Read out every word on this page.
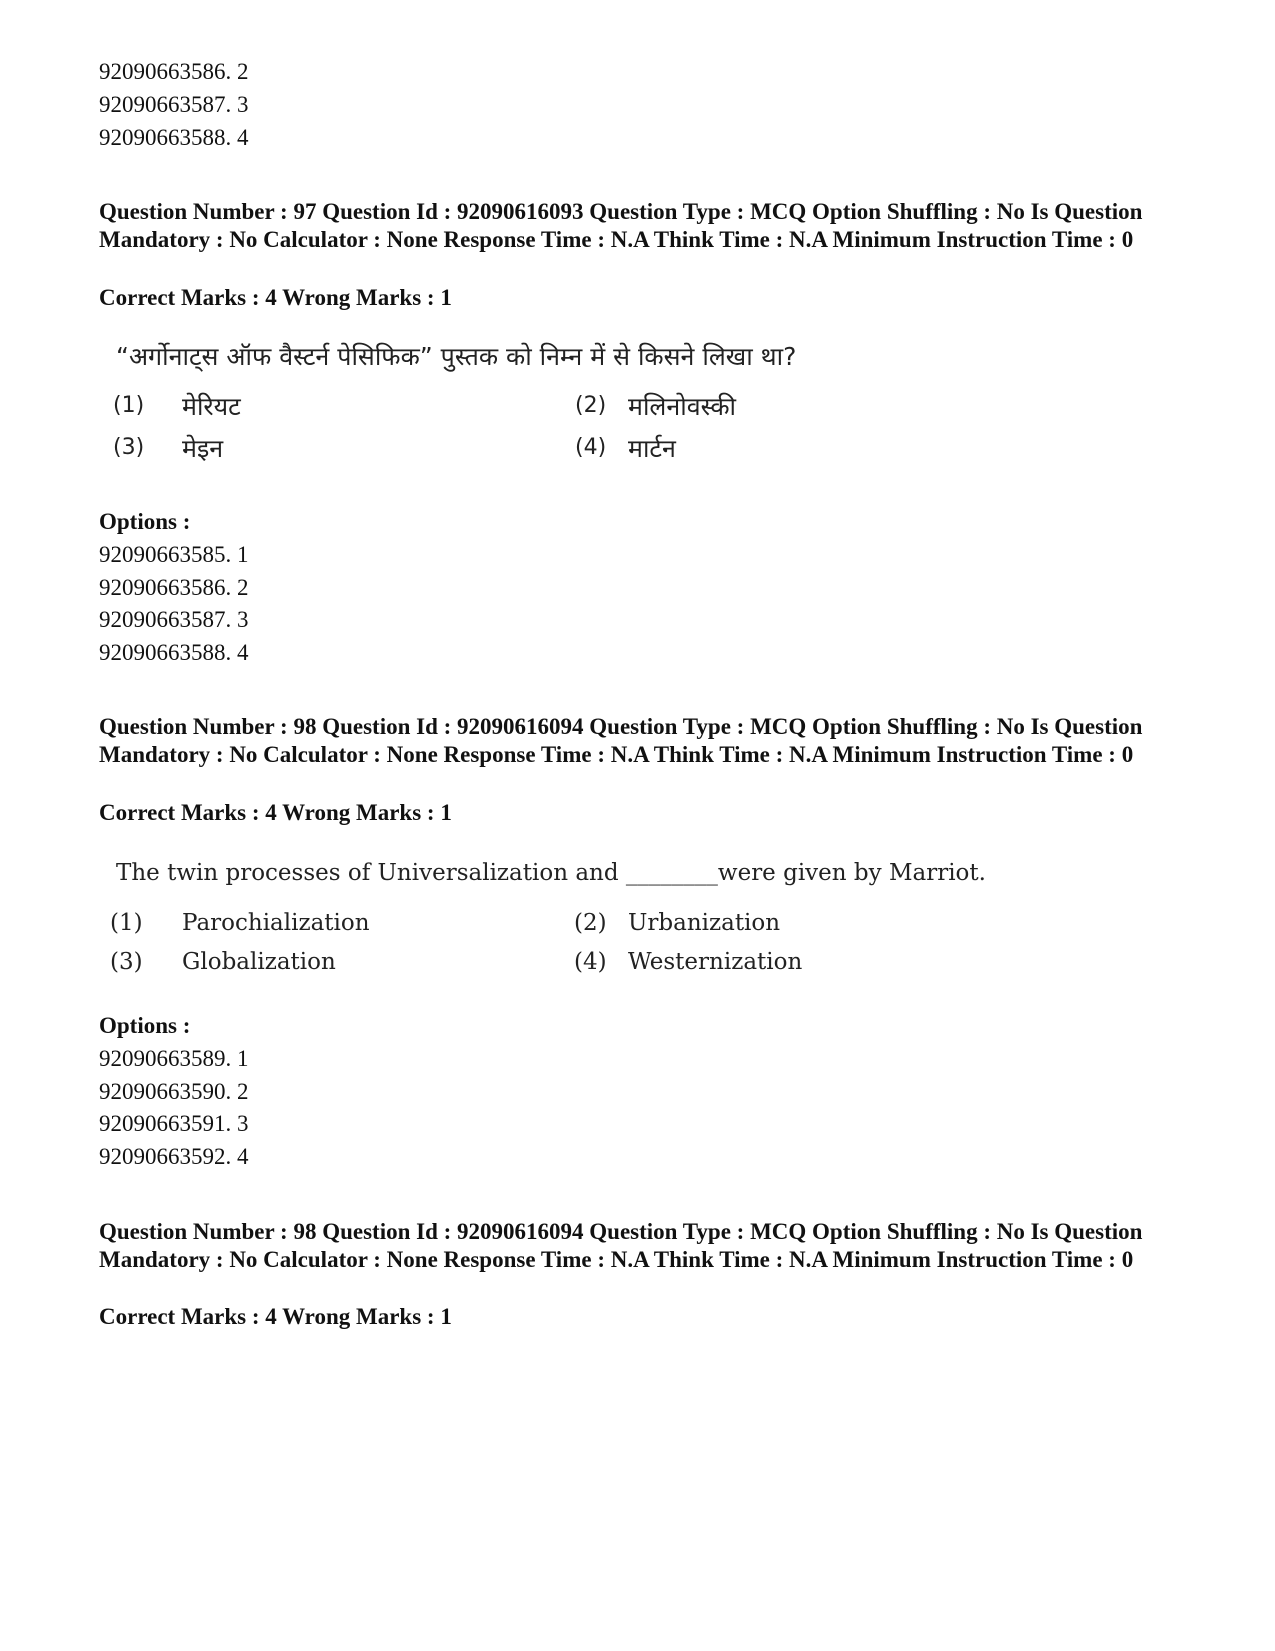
92090663586. 2
92090663587. 3
92090663588. 4
Question Number : 97 Question Id : 92090616093 Question Type : MCQ Option Shuffling : No Is Question Mandatory : No Calculator : None Response Time : N.A Think Time : N.A Minimum Instruction Time : 0
Correct Marks : 4 Wrong Marks : 1
“अर्गोनाट्स ऑफ वैस्टर्न पेसिफिक” पुस्तक को निम्न में से किसने लिखा था?
(1) मेरियट	(2) मलिनोवस्की
(3) मेइन	(4) मार्टन
Options :
92090663585. 1
92090663586. 2
92090663587. 3
92090663588. 4
Question Number : 98 Question Id : 92090616094 Question Type : MCQ Option Shuffling : No Is Question Mandatory : No Calculator : None Response Time : N.A Think Time : N.A Minimum Instruction Time : 0
Correct Marks : 4 Wrong Marks : 1
The twin processes of Universalization and ________were given by Marriot.
(1) Parochialization	(2) Urbanization
(3) Globalization	(4) Westernization
Options :
92090663589. 1
92090663590. 2
92090663591. 3
92090663592. 4
Question Number : 98 Question Id : 92090616094 Question Type : MCQ Option Shuffling : No Is Question Mandatory : No Calculator : None Response Time : N.A Think Time : N.A Minimum Instruction Time : 0
Correct Marks : 4 Wrong Marks : 1
